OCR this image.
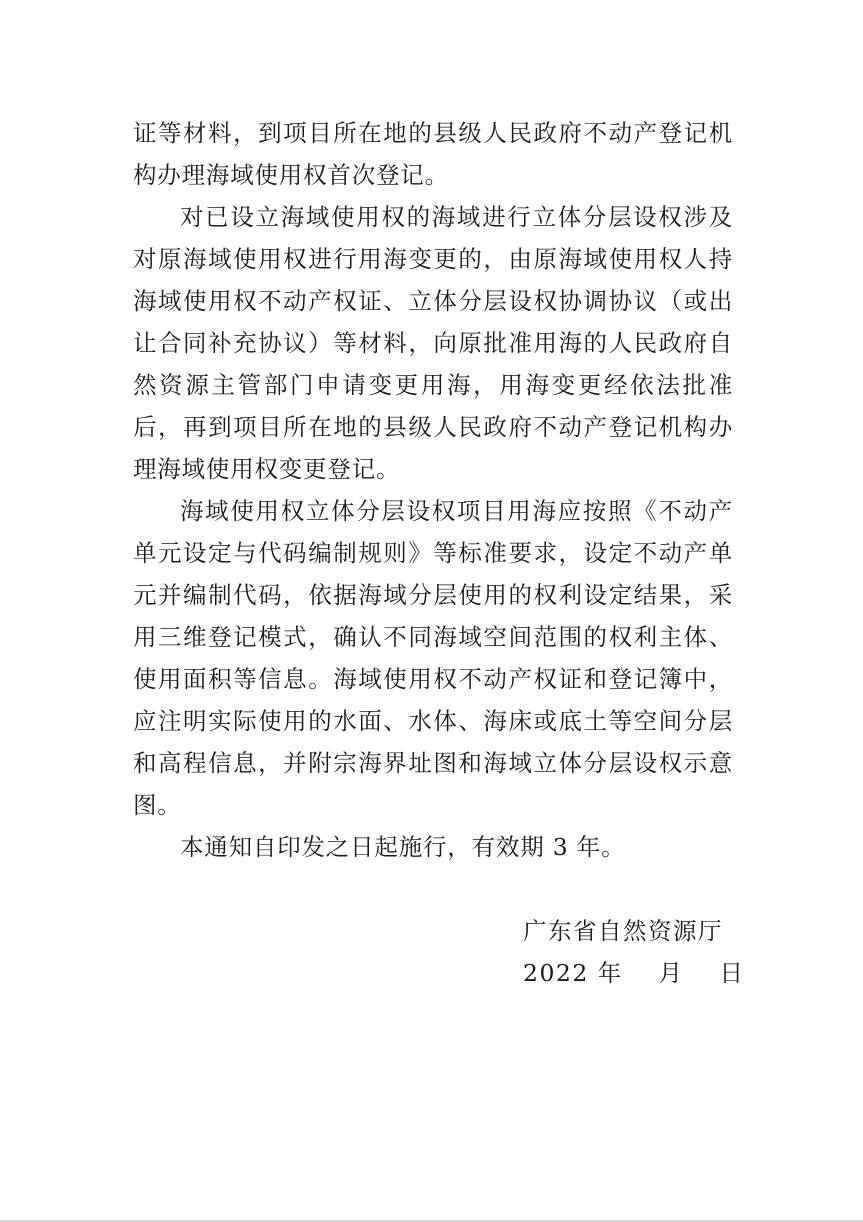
证等材料，到项目所在地的县级人民政府不动产登记机构办理海域使用权首次登记。

对已设立海域使用权的海域进行立体分层设权涉及对原海域使用权进行用海变更的，由原海域使用权人持海域使用权不动产权证、立体分层设权协调协议（或出让合同补充协议）等材料，向原批准用海的人民政府自然资源主管部门申请变更用海，用海变更经依法批准后，再到项目所在地的县级人民政府不动产登记机构办理海域使用权变更登记。

海域使用权立体分层设权项目用海应按照《不动产单元设定与代码编制规则》等标准要求，设定不动产单元并编制代码，依据海域分层使用的权利设定结果，采用三维登记模式，确认不同海域空间范围的权利主体、使用面积等信息。海域使用权不动产权证和登记簿中，应注明实际使用的水面、水体、海床或底土等空间分层和高程信息，并附宗海界址图和海域立体分层设权示意图。

本通知自印发之日起施行，有效期 3 年。

广东省自然资源厅
2022 年    月    日
